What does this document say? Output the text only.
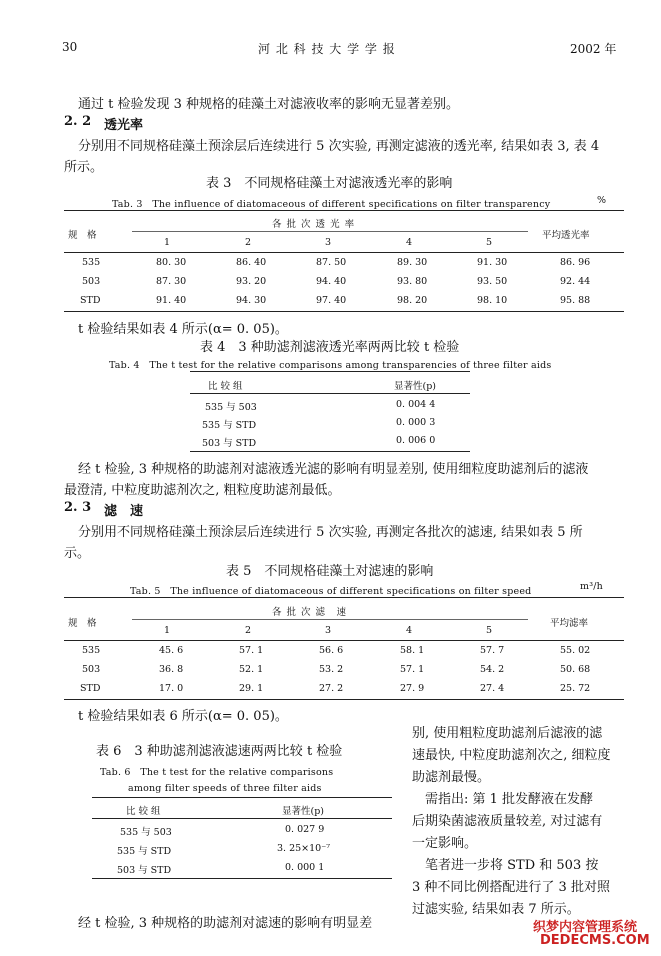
30	河 北 科 技 大 学 学 报	2002 年
通过 t 检验发现 3 种规格的硅藻土对滤液收率的影响无显著差别。
2. 2 透光率
分别用不同规格硅藻土预涂层后连续进行 5 次实验, 再测定滤液的透光率, 结果如表 3, 表 4
所示。
表 3　不同规格硅藻土对滤液透光率的影响
Tab. 3　The influence of diatomaceous of different specifications on filter transparency	%
各 批 次 透 光 率
规　格	平均透光率
1	2	3	4	5
535	80. 30	86. 40	87. 50	89. 30	91. 30	86. 96
503	87. 30	93. 20	94. 40	93. 80	93. 50	92. 44
STD	91. 40	94. 30	97. 40	98. 20	98. 10	95. 88
t 检验结果如表 4 所示(α= 0. 05)。
表 4　3 种助滤剂滤液透光率两两比较 t 检验
Tab. 4　The t test for the relative comparisons among transparencies of three filter aids
比 较 组	显著性(p)
535 与 503	0. 004 4
535 与 STD	0. 000 3
503 与 STD	0. 006 0
经 t 检验, 3 种规格的助滤剂对滤液透光滤的影响有明显差别, 使用细粒度助滤剂后的滤液
最澄清, 中粒度助滤剂次之, 粗粒度助滤剂最低。
2. 3 滤　速
分别用不同规格硅藻土预涂层后连续进行 5 次实验, 再测定各批次的滤速, 结果如表 5 所
示。
表 5　不同规格硅藻土对滤速的影响
Tab. 5　The influence of diatomaceous of different specifications on filter speed	m³/h
各 批 次 滤　速
规　格	平均滤率
1	2	3	4	5
535	45. 6	57. 1	56. 6	58. 1	57. 7	55. 02
503	36. 8	52. 1	53. 2	57. 1	54. 2	50. 68
STD	17. 0	29. 1	27. 2	27. 9	27. 4	25. 72
t 检验结果如表 6 所示(α= 0. 05)。
表 6　3 种助滤剂滤液滤速两两比较 t 检验
Tab. 6　The t test for the relative comparisons
among filter speeds of three filter aids
比 较 组	显著性(p)
535 与 503	0. 027 9
535 与 STD	3. 25×10⁻⁷
503 与 STD	0. 000 1
别, 使用粗粒度助滤剂后滤液的滤
速最快, 中粒度助滤剂次之, 细粒度
助滤剂最慢。
　需指出: 第 1 批发酵液在发酵
后期染菌滤液质量较差, 对过滤有
一定影响。
　笔者进一步将 STD 和 503 按
3 种不同比例搭配进行了 3 批对照
过滤实验, 结果如表 7 所示。
经 t 检验, 3 种规格的助滤剂对滤速的影响有明显差	织梦内容管理系统
DEDECMS.COM
